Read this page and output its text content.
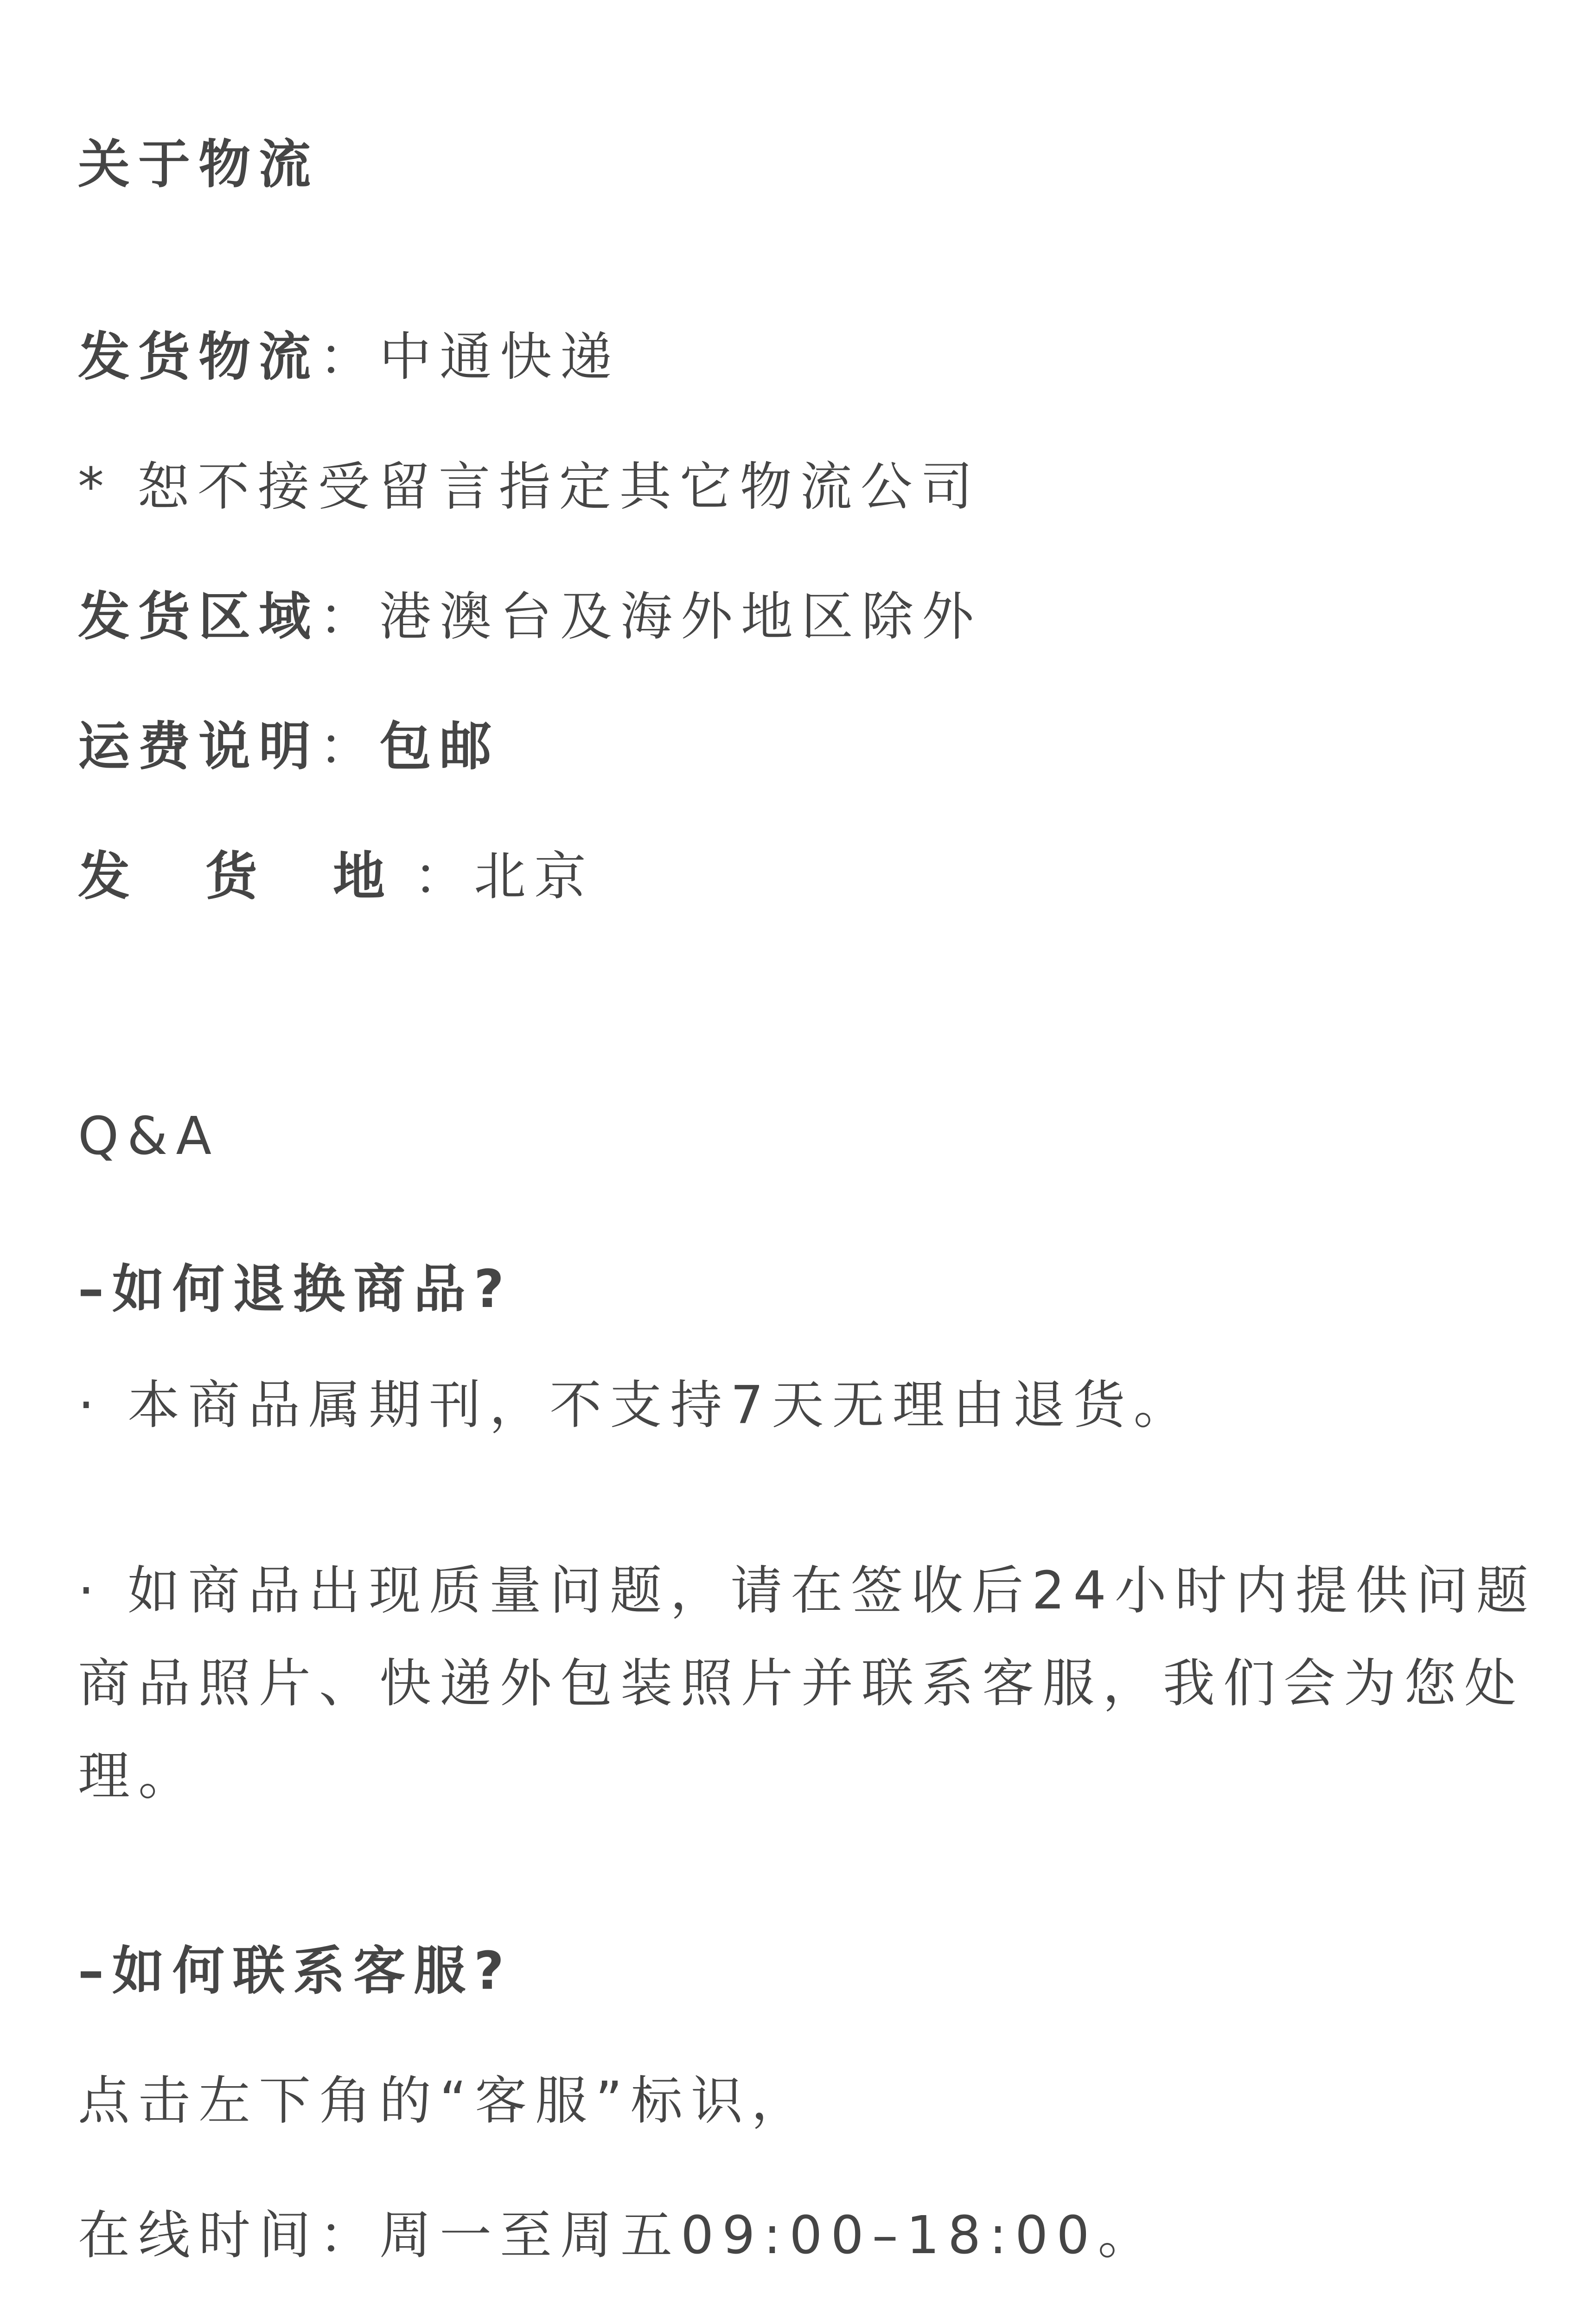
关于物流
发货物流：中通快递
* 恕不接受留言指定其它物流公司
发货区域：港澳台及海外地区除外
运费说明：包邮
发 货 地：北京
Q&A
–如何退换商品?
· 本商品属期刊，不支持7天无理由退货。
· 如商品出现质量问题，请在签收后24小时内提供问题
商品照片、快递外包装照片并联系客服，我们会为您处
理。
–如何联系客服?
点击左下角的“客服”标识，
在线时间：周一至周五09:00–18:00。
